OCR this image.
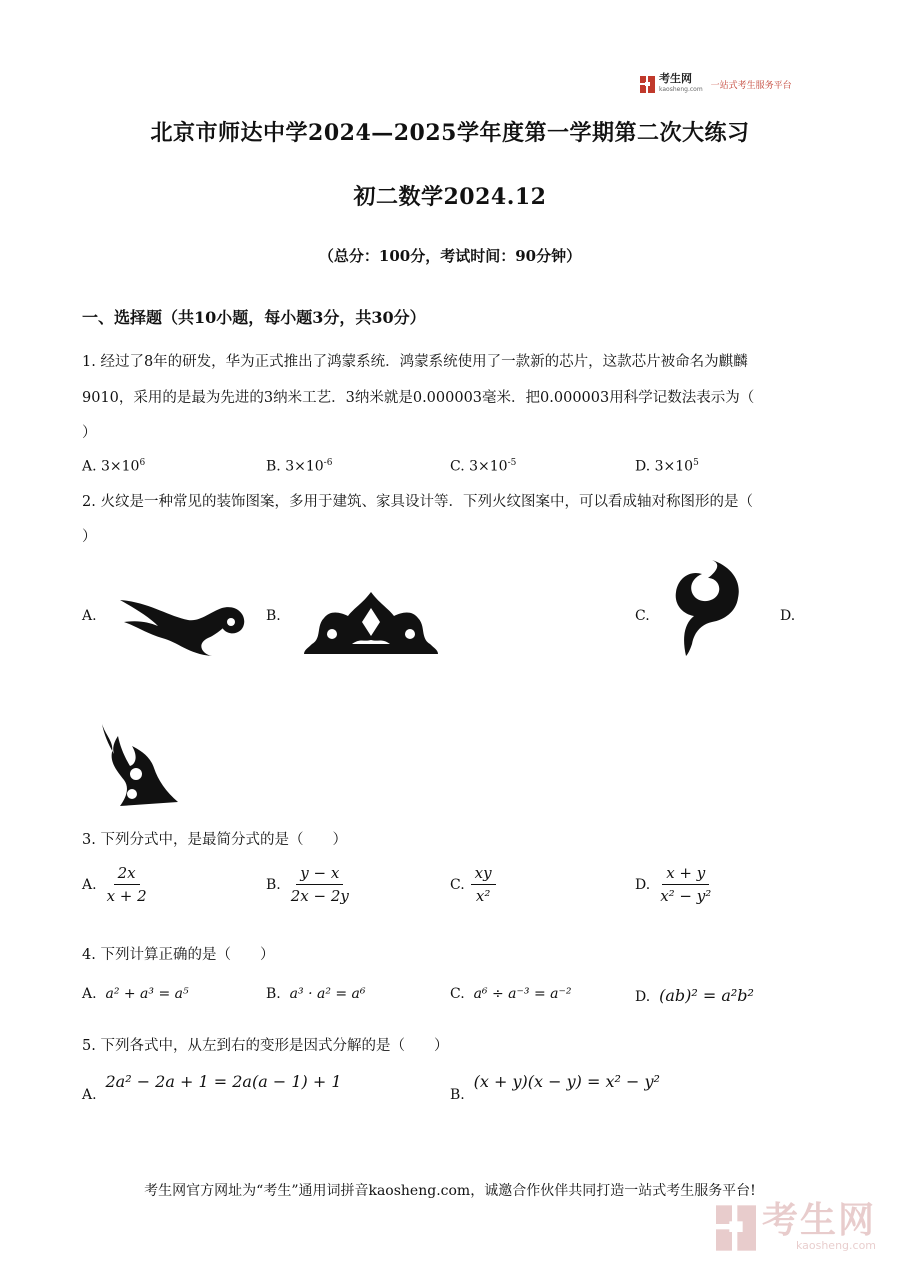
考生网
kaosheng.com 一站式考生服务平台
北京市师达中学2024—2025学年度第一学期第二次大练习
初二数学2024.12
（总分：100分，考试时间：90分钟）
一、选择题（共10小题，每小题3分，共30分）
1. 经过了8年的研发，华为正式推出了鸿蒙系统．鸿蒙系统使用了一款新的芯片，这款芯片被命名为麒麟
9010，采用的是最为先进的3纳米工艺．3纳米就是0.000003毫米．把0.000003用科学记数法表示为（
）
A. $3\times 10^6$	B. $3\times 10^{-6}$	C. $3\times 10^{-5}$	D. $3\times 10^5$
2. 火纹是一种常见的装饰图案，多用于建筑、家具设计等．下列火纹图案中，可以看成轴对称图形的是（
）
A.	B.	C.	D.
3. 下列分式中，是最简分式的是（　　）
A. $\frac{2x}{x + 2}$	B. $\frac{y - x}{2x - 2y}$	C. $\frac{xy}{\text{x²}}$	D. $\frac{x + y}{\text{x² − y²}}$
4. 下列计算正确的是（　　）
A. a² + a³ = a⁵	B. a³ · a² = a⁶	C. a⁶ ÷ a⁻³ = a⁻²	D. (ab)² = a²b²
5. 下列各式中，从左到右的变形是因式分解的是（　　）
A.  2a² − 2a + 1 = 2a(a − 1) + 1
B.  (x + y)(x − y) = x² − y²
考生网官方网址为“考生”通用词拼音kaosheng.com，诚邀合作伙伴共同打造一站式考生服务平台!
考生网
kaosheng.com
